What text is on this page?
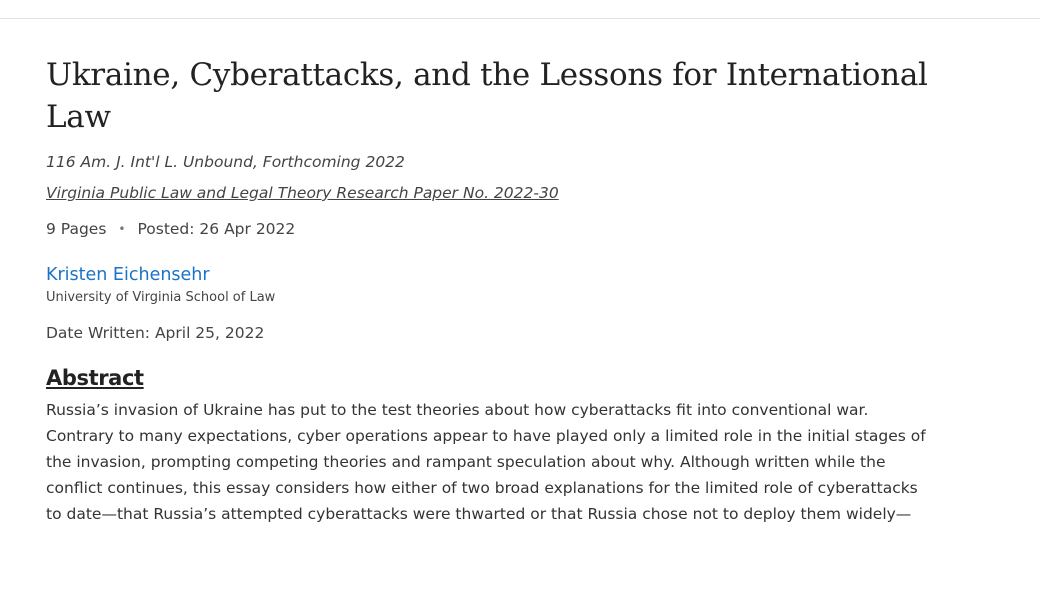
Ukraine, Cyberattacks, and the Lessons for International Law
116 Am. J. Int'l L. Unbound, Forthcoming 2022
Virginia Public Law and Legal Theory Research Paper No. 2022-30
9 Pages • Posted: 26 Apr 2022
Kristen Eichensehr
University of Virginia School of Law
Date Written: April 25, 2022
Abstract
Russia’s invasion of Ukraine has put to the test theories about how cyberattacks fit into conventional war.
Contrary to many expectations, cyber operations appear to have played only a limited role in the initial stages of
the invasion, prompting competing theories and rampant speculation about why. Although written while the
conflict continues, this essay considers how either of two broad explanations for the limited role of cyberattacks
to date—that Russia’s attempted cyberattacks were thwarted or that Russia chose not to deploy them widely—
